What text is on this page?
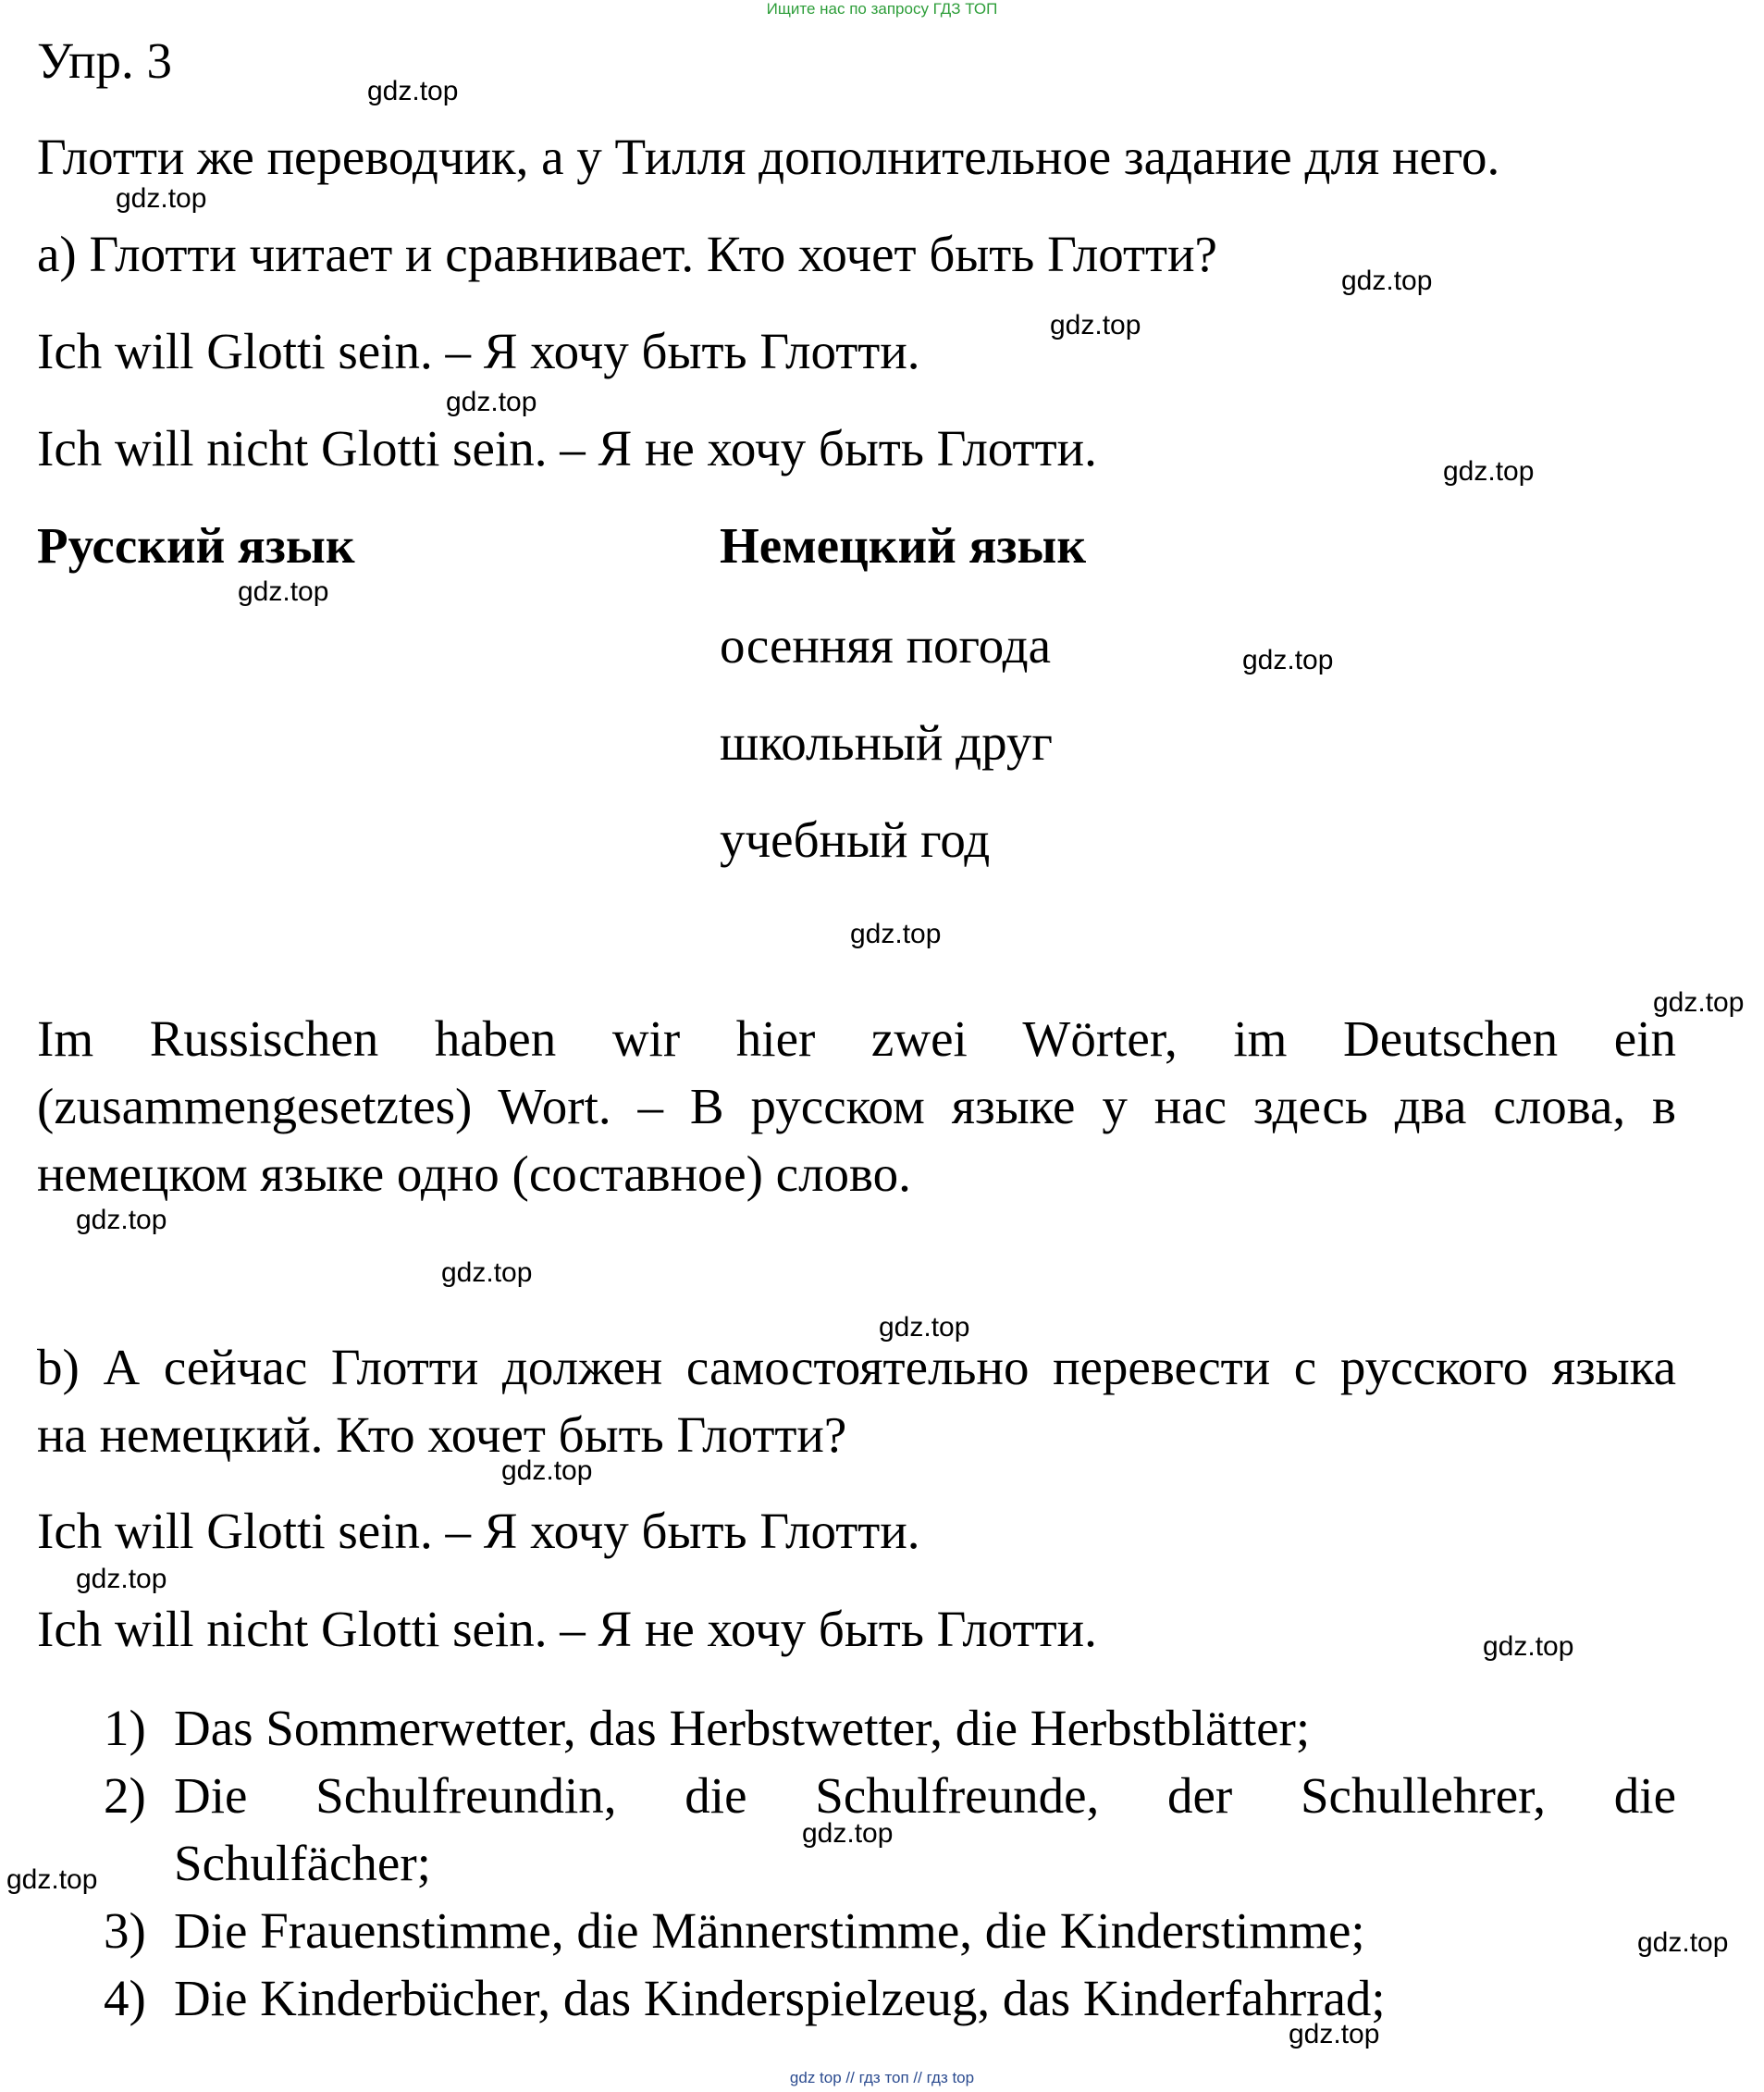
Ищите нас по запросу ГДЗ ТОП
Упр. 3
Глотти же переводчик, а у Тилля дополнительное задание для него.
a) Глотти читает и сравнивает. Кто хочет быть Глотти?
Ich will Glotti sein. – Я хочу быть Глотти.
Ich will nicht Glotti sein. – Я не хочу быть Глотти.
Русский язык	Немецкий язык
осенняя погода
школьный друг
учебный год
Im Russischen haben wir hier zwei Wörter, im Deutschen ein
(zusammengesetztes) Wort. – В русском языке у нас здесь два слова, в
немецком языке одно (составное) слово.
b) А сейчас Глотти должен самостоятельно перевести с русского языка
на немецкий. Кто хочет быть Глотти?
Ich will Glotti sein. – Я хочу быть Глотти.
Ich will nicht Glotti sein. – Я не хочу быть Глотти.
1) Das Sommerwetter, das Herbstwetter, die Herbstblätter;
2) Die Schulfreundin, die Schulfreunde, der Schullehrer, die
Schulfächer;
3) Die Frauenstimme, die Männerstimme, die Kinderstimme;
4) Die Kinderbücher, das Kinderspielzeug, das Kinderfahrrad;
gdz.top
gdz.top
gdz.top
gdz.top
gdz.top
gdz.top
gdz.top
gdz.top
gdz.top
gdz.top
gdz.top
gdz.top
gdz.top
gdz.top
gdz.top
gdz.top
gdz.top
gdz.top
gdz.top
gdz.top
gdz top // гдз топ // гдз top
